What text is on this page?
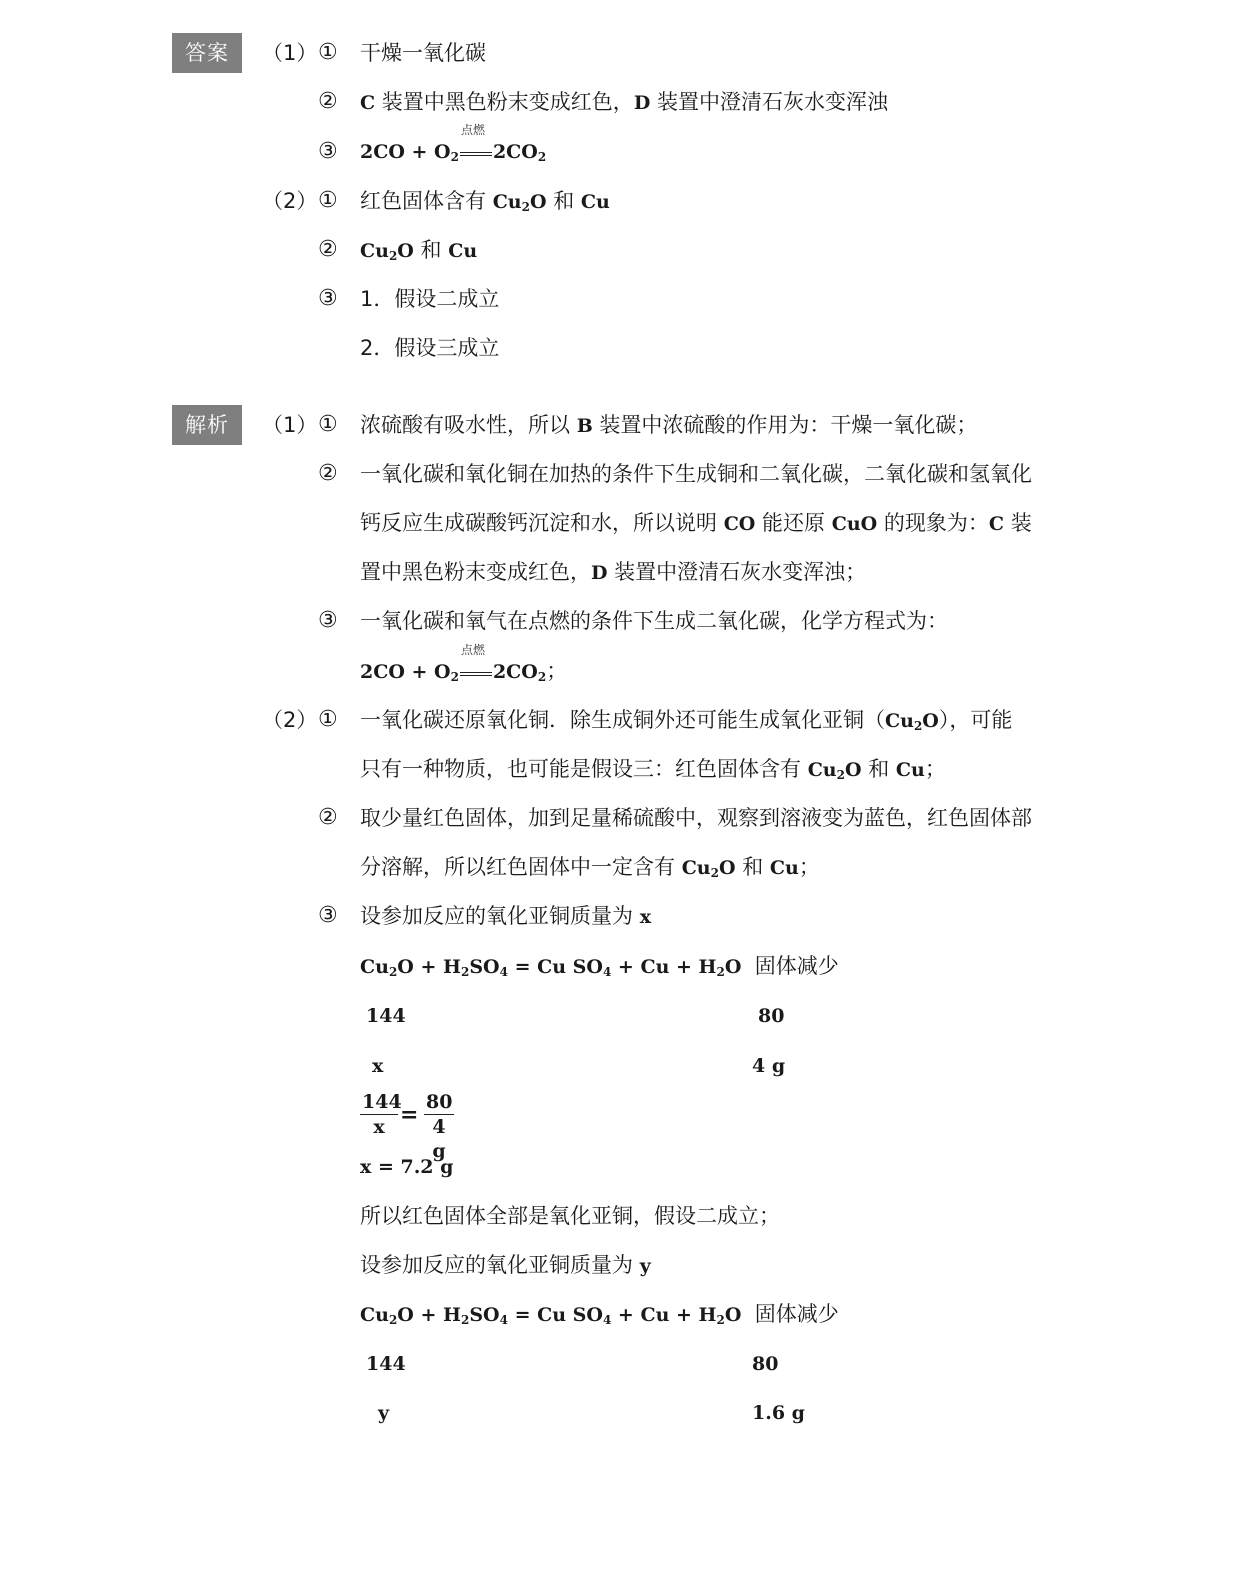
答案	（1） ① 干燥一氧化碳
② C 装置中黑色粉末变成红色，D 装置中澄清石灰水变浑浊
③ $2CO + O_2$
点燃
$2CO_2$
（2） ① 红色固体含有 $Cu_2O$ 和 Cu
② $Cu_2O$ 和 Cu
③ 1．假设二成立
2．假设三成立
解析	（1） ① 浓硫酸有吸水性，所以 B 装置中浓硫酸的作用为：干燥一氧化碳；
② 一氧化碳和氧化铜在加热的条件下生成铜和二氧化碳，二氧化碳和氢氧化
钙反应生成碳酸钙沉淀和水，所以说明 CO 能还原 CuO 的现象为：C 装
置中黑色粉末变成红色，D 装置中澄清石灰水变浑浊；
③ 一氧化碳和氧气在点燃的条件下生成二氧化碳，化学方程式为：
$2CO + O_2$
点燃
$2CO_2$；
（2） ① 一氧化碳还原氧化铜．除生成铜外还可能生成氧化亚铜$(Cu_2O)$，可能
只有一种物质，也可能是假设三：红色固体含有 $Cu_2O$ 和 Cu；
② 取少量红色固体，加到足量稀硫酸中，观察到溶液变为蓝色，红色固体部
分溶解，所以红色固体中一定含有 $Cu_2O$ 和 Cu；
③ 设参加反应的氧化亚铜质量为 x
$Cu_2O + H_2SO_4 = Cu$ $SO_4 + Cu + H_2O$ 固体减少
144	80
x	4 g
$\frac{144}{x} = \frac{80}{4 g}$
x = 7.2 g
所以红色固体全部是氧化亚铜，假设二成立；
设参加反应的氧化亚铜质量为 y
$Cu_2O + H_2SO_4 = Cu$ $SO_4 + Cu + H_2O$ 固体减少
144	80
y	1.6 g
